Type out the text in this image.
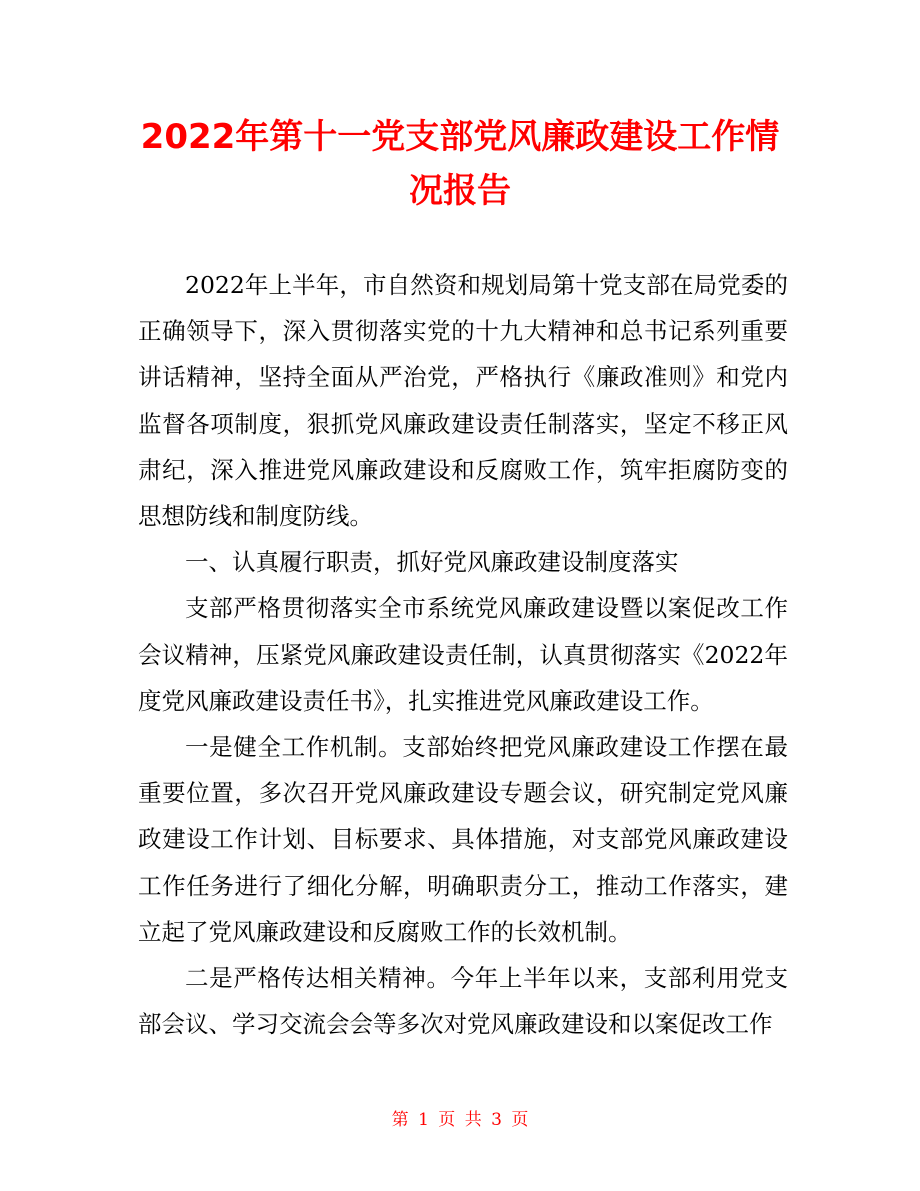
2022年第十一党支部党风廉政建设工作情况报告

2022年上半年，市自然资和规划局第十党支部在局党委的正确领导下，深入贯彻落实党的十九大精神和总书记系列重要讲话精神，坚持全面从严治党，严格执行《廉政准则》和党内监督各项制度，狠抓党风廉政建设责任制落实，坚定不移正风肃纪，深入推进党风廉政建设和反腐败工作，筑牢拒腐防变的思想防线和制度防线。

一、认真履行职责，抓好党风廉政建设制度落实

支部严格贯彻落实全市系统党风廉政建设暨以案促改工作会议精神，压紧党风廉政建设责任制，认真贯彻落实《2022年度党风廉政建设责任书》，扎实推进党风廉政建设工作。

一是健全工作机制。支部始终把党风廉政建设工作摆在最重要位置，多次召开党风廉政建设专题会议，研究制定党风廉政建设工作计划、目标要求、具体措施，对支部党风廉政建设工作任务进行了细化分解，明确职责分工，推动工作落实，建立起了党风廉政建设和反腐败工作的长效机制。

二是严格传达相关精神。今年上半年以来，支部利用党支部会议、学习交流会会等多次对党风廉政建设和以案促改工作

第 1 页 共 3 页
